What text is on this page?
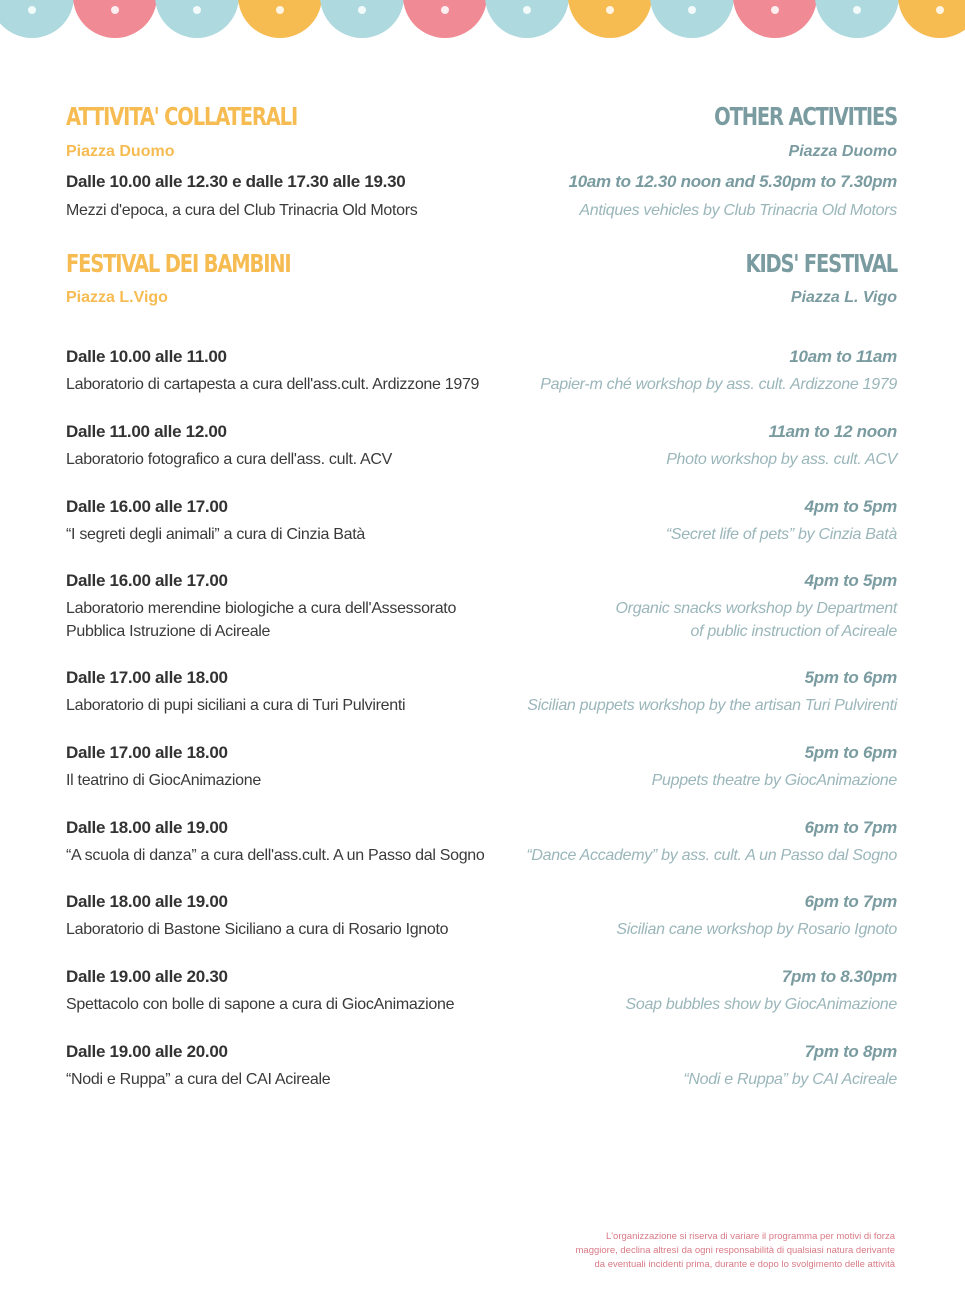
ATTIVITA' COLLATERALI
Piazza Duomo
Dalle 10.00 alle 12.30 e dalle 17.30 alle 19.30
Mezzi d'epoca, a cura del Club Trinacria Old Motors
FESTIVAL DEI BAMBINI
Piazza L.Vigo
OTHER ACTIVITIES
Piazza Duomo
10am to 12.30 noon and 5.30pm to 7.30pm
Antiques vehicles by Club Trinacria Old Motors
KIDS' FESTIVAL
Piazza L. Vigo
Dalle 10.00 alle 11.00
Laboratorio di cartapesta a cura dell'ass.cult. Ardizzone 1979
Dalle 11.00 alle 12.00
Laboratorio fotografico a cura dell'ass. cult. ACV
Dalle 16.00 alle 17.00
“I segreti degli animali” a cura di Cinzia Batà
Dalle 16.00 alle 17.00
Laboratorio merendine biologiche a cura dell'Assessorato
Pubblica Istruzione di Acireale
Dalle 17.00 alle 18.00
Laboratorio di pupi siciliani a cura di Turi Pulvirenti
Dalle 17.00 alle 18.00
Il teatrino di GiocAnimazione
Dalle 18.00 alle 19.00
“A scuola di danza” a cura dell'ass.cult. A un Passo dal Sogno
Dalle 18.00 alle 19.00
Laboratorio di Bastone Siciliano a cura di Rosario Ignoto
Dalle 19.00 alle 20.30
Spettacolo con bolle di sapone a cura di GiocAnimazione
Dalle 19.00 alle 20.00
“Nodi e Ruppa” a cura del CAI Acireale
10am to 11am
Papier-m ché workshop by ass. cult. Ardizzone 1979
11am to 12 noon
Photo workshop by ass. cult. ACV
4pm to 5pm
“Secret life of pets” by Cinzia Batà
4pm to 5pm
Organic snacks workshop by Department
of public instruction of Acireale
5pm to 6pm
Sicilian puppets workshop by the artisan Turi Pulvirenti
5pm to 6pm
Puppets theatre by GiocAnimazione
6pm to 7pm
“Dance Accademy” by ass. cult. A un Passo dal Sogno
6pm to 7pm
Sicilian cane workshop by Rosario Ignoto
7pm to 8.30pm
Soap bubbles show by GiocAnimazione
7pm to 8pm
“Nodi e Ruppa” by CAI Acireale
L'organizzazione si riserva di variare il programma per motivi di forza
maggiore, declina altresì da ogni responsabilità di qualsiasi natura derivante
da eventuali incidenti prima, durante e dopo lo svolgimento delle attività
